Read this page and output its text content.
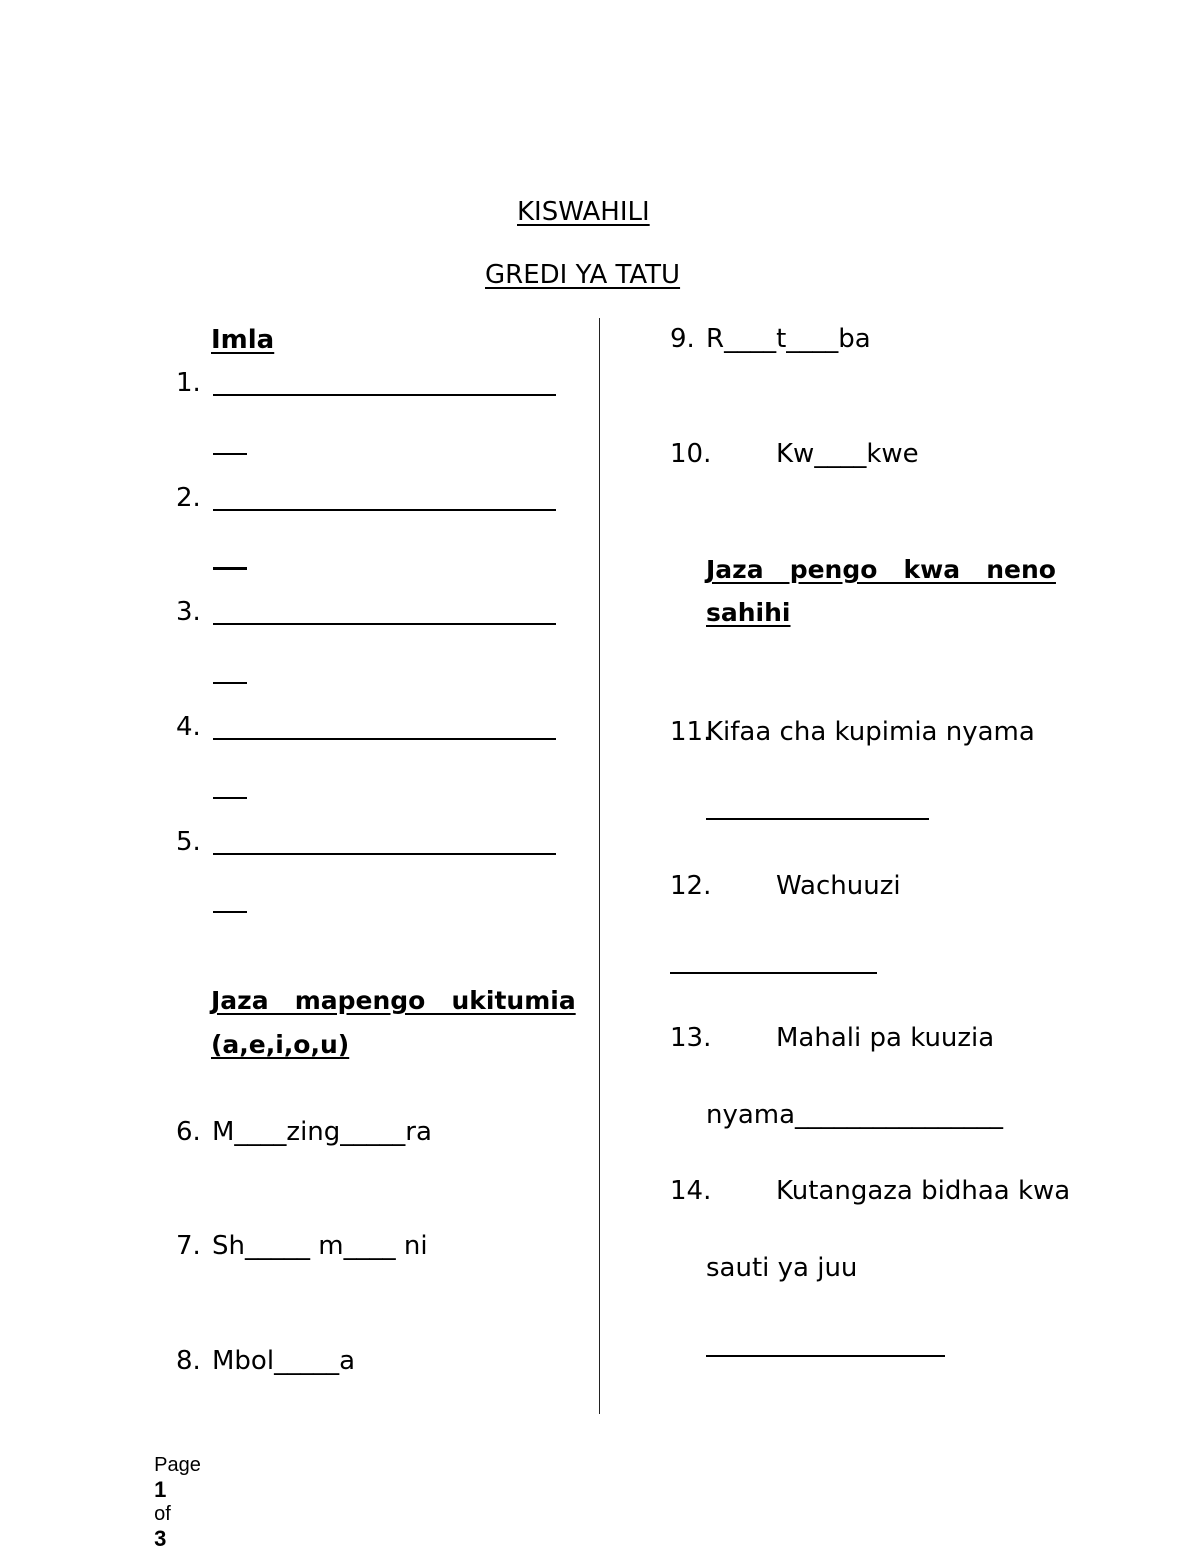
KISWAHILI
GREDI YA TATU
Imla
1.
2.
3.
4.
5.
Jaza   mapengo   ukitumia
(a,e,i,o,u)
6. M____zing_____ra
7. Sh_____ m____ ni
8. Mbol_____a
9. R____t____ba
10. Kw____kwe
Jaza   pengo   kwa   neno
sahihi
11.
Kifaa cha kupimia nyama
12. Wachuuzi
13. Mahali pa kuuzia
nyama________________
14. Kutangaza bidhaa kwa
sauti ya juu

Page
1
of
3
